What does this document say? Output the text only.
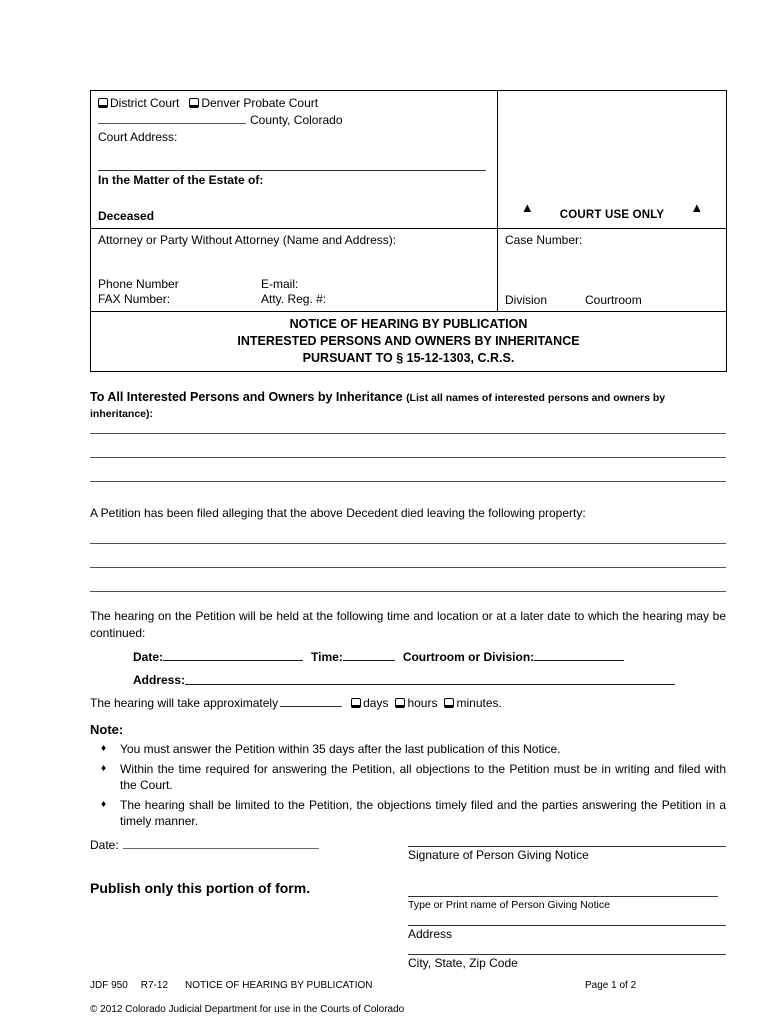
District Court Denver Probate Court
County, Colorado
Court Address:
In the Matter of the Estate of:
Deceased

▲ COURT USE ONLY ▲

Attorney or Party Without Attorney (Name and Address):
Phone Number	E-mail:
FAX Number:	Atty. Reg. #:

Case Number:
Division	Courtroom

NOTICE OF HEARING BY PUBLICATION
INTERESTED PERSONS AND OWNERS BY INHERITANCE
PURSUANT TO § 15-12-1303, C.R.S.	

To All Interested Persons and Owners by Inheritance (List all names of interested persons and owners by inheritance):

A Petition has been filed alleging that the above Decedent died leaving the following property:

The hearing on the Petition will be held at the following time and location or at a later date to which the hearing may be continued:

Date:	Time:	Courtroom or Division:
Address:
The hearing will take approximately	days hours minutes.
Note:
♦	You must answer the Petition within 35 days after the last publication of this Notice.
♦	Within the time required for answering the Petition, all objections to the Petition must be in writing and filed with the Court.
♦	The hearing shall be limited to the Petition, the objections timely filed and the parties answering the Petition in a timely manner.
Date:
Publish only this portion of form.
Signature of Person Giving Notice
Type or Print name of Person Giving Notice
Address
City, State, Zip Code
JDF 950 R7-12 NOTICE OF HEARING BY PUBLICATION	Page 1 of 2
© 2012 Colorado Judicial Department for use in the Courts of Colorado
